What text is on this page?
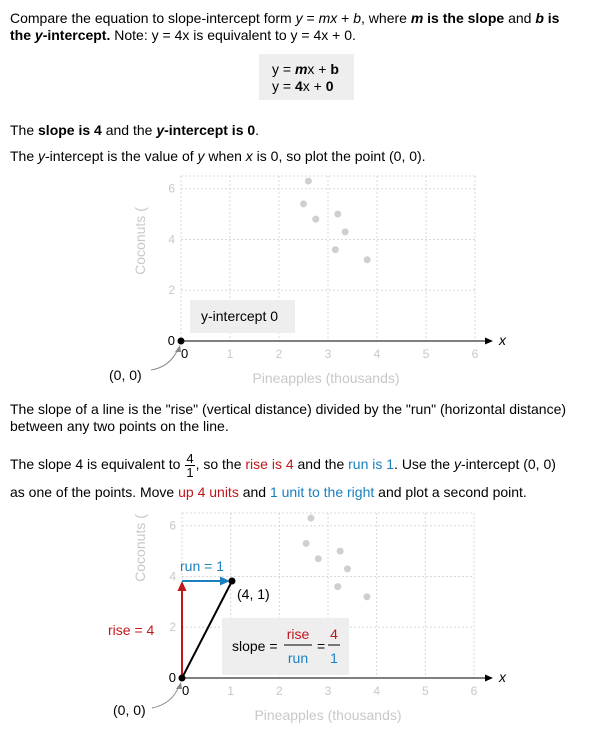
Compare the equation to slope-intercept form y = mx + b, where m is the slope and b is
the y-intercept. Note: y = 4x is equivalent to y = 4x + 0.
y = mx + b
y = 4x + 0
The slope is 4 and the y-intercept is 0.
The y-intercept is the value of y when x is 0, so plot the point (0, 0).
Coconuts (
0
2
4
6
0	1	2	3	4	5	6
Pineapples (thousands)
x
y-intercept 0
(0, 0)
The slope of a line is the "rise" (vertical distance) divided by the "run" (horizontal distance)
between any two points on the line.
The slope 4 is equivalent to $\frac{4}{1}$ , so the rise is 4 and the run is 1. Use the y-intercept (0, 0)
as one of the points. Move up 4 units and 1 unit to the right and plot a second point.
Coconuts (
0
2
4
6
0	1	2	3	4	5	6
Pineapples (thousands)
x
rise = 4
run = 1
(4, 1)
slope =
rise
run
=
4
1
(0, 0)
